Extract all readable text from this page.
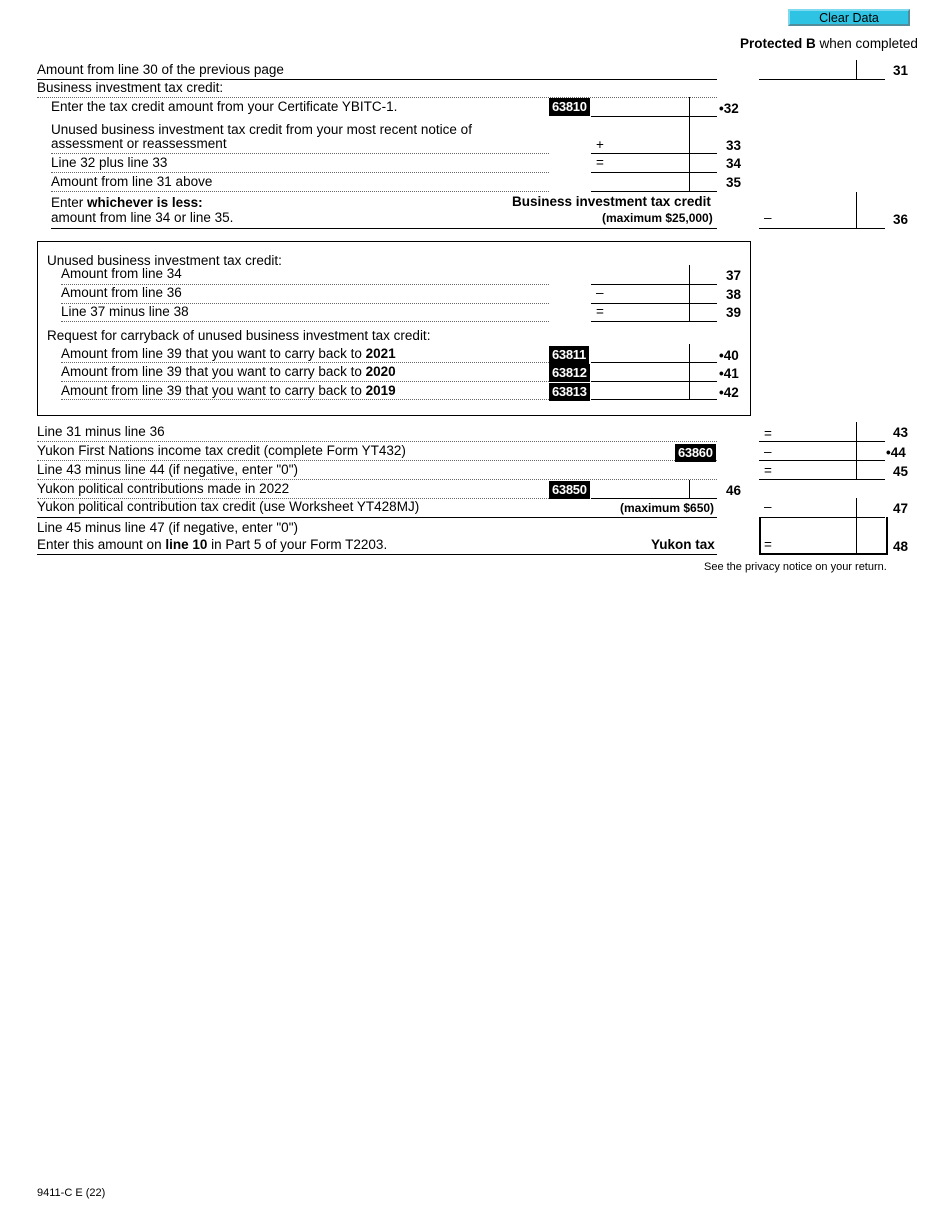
Clear Data
Protected B when completed
Amount from line 30 of the previous page	31
Business investment tax credit:
Enter the tax credit amount from your Certificate YBITC-1.	63810	•32
Unused business investment tax credit from your most recent notice of
assessment or reassessment	+	33
Line 32 plus line 33	=	34
Amount from line 31 above	35
Enter whichever is less:
amount from line 34 or line 35.
Business investment tax credit
(maximum $25,000)	–	36
Unused business investment tax credit:
Amount from line 34	37
Amount from line 36	–	38
Line 37 minus line 38	=	39
Request for carryback of unused business investment tax credit:
Amount from line 39 that you want to carry back to 2021	63811	•40
Amount from line 39 that you want to carry back to 2020	63812	•41
Amount from line 39 that you want to carry back to 2019	63813	•42
Line 31 minus line 36	=	43
Yukon First Nations income tax credit (complete Form YT432)	63860	–	•44
Line 43 minus line 44 (if negative, enter "0")	=	45
Yukon political contributions made in 2022	63850	46
Yukon political contribution tax credit (use Worksheet YT428MJ)	(maximum $650)	–	47
Line 45 minus line 47 (if negative, enter "0")
Enter this amount on line 10 in Part 5 of your Form T2203.	Yukon tax	=	48
See the privacy notice on your return.
9411-C E (22)
